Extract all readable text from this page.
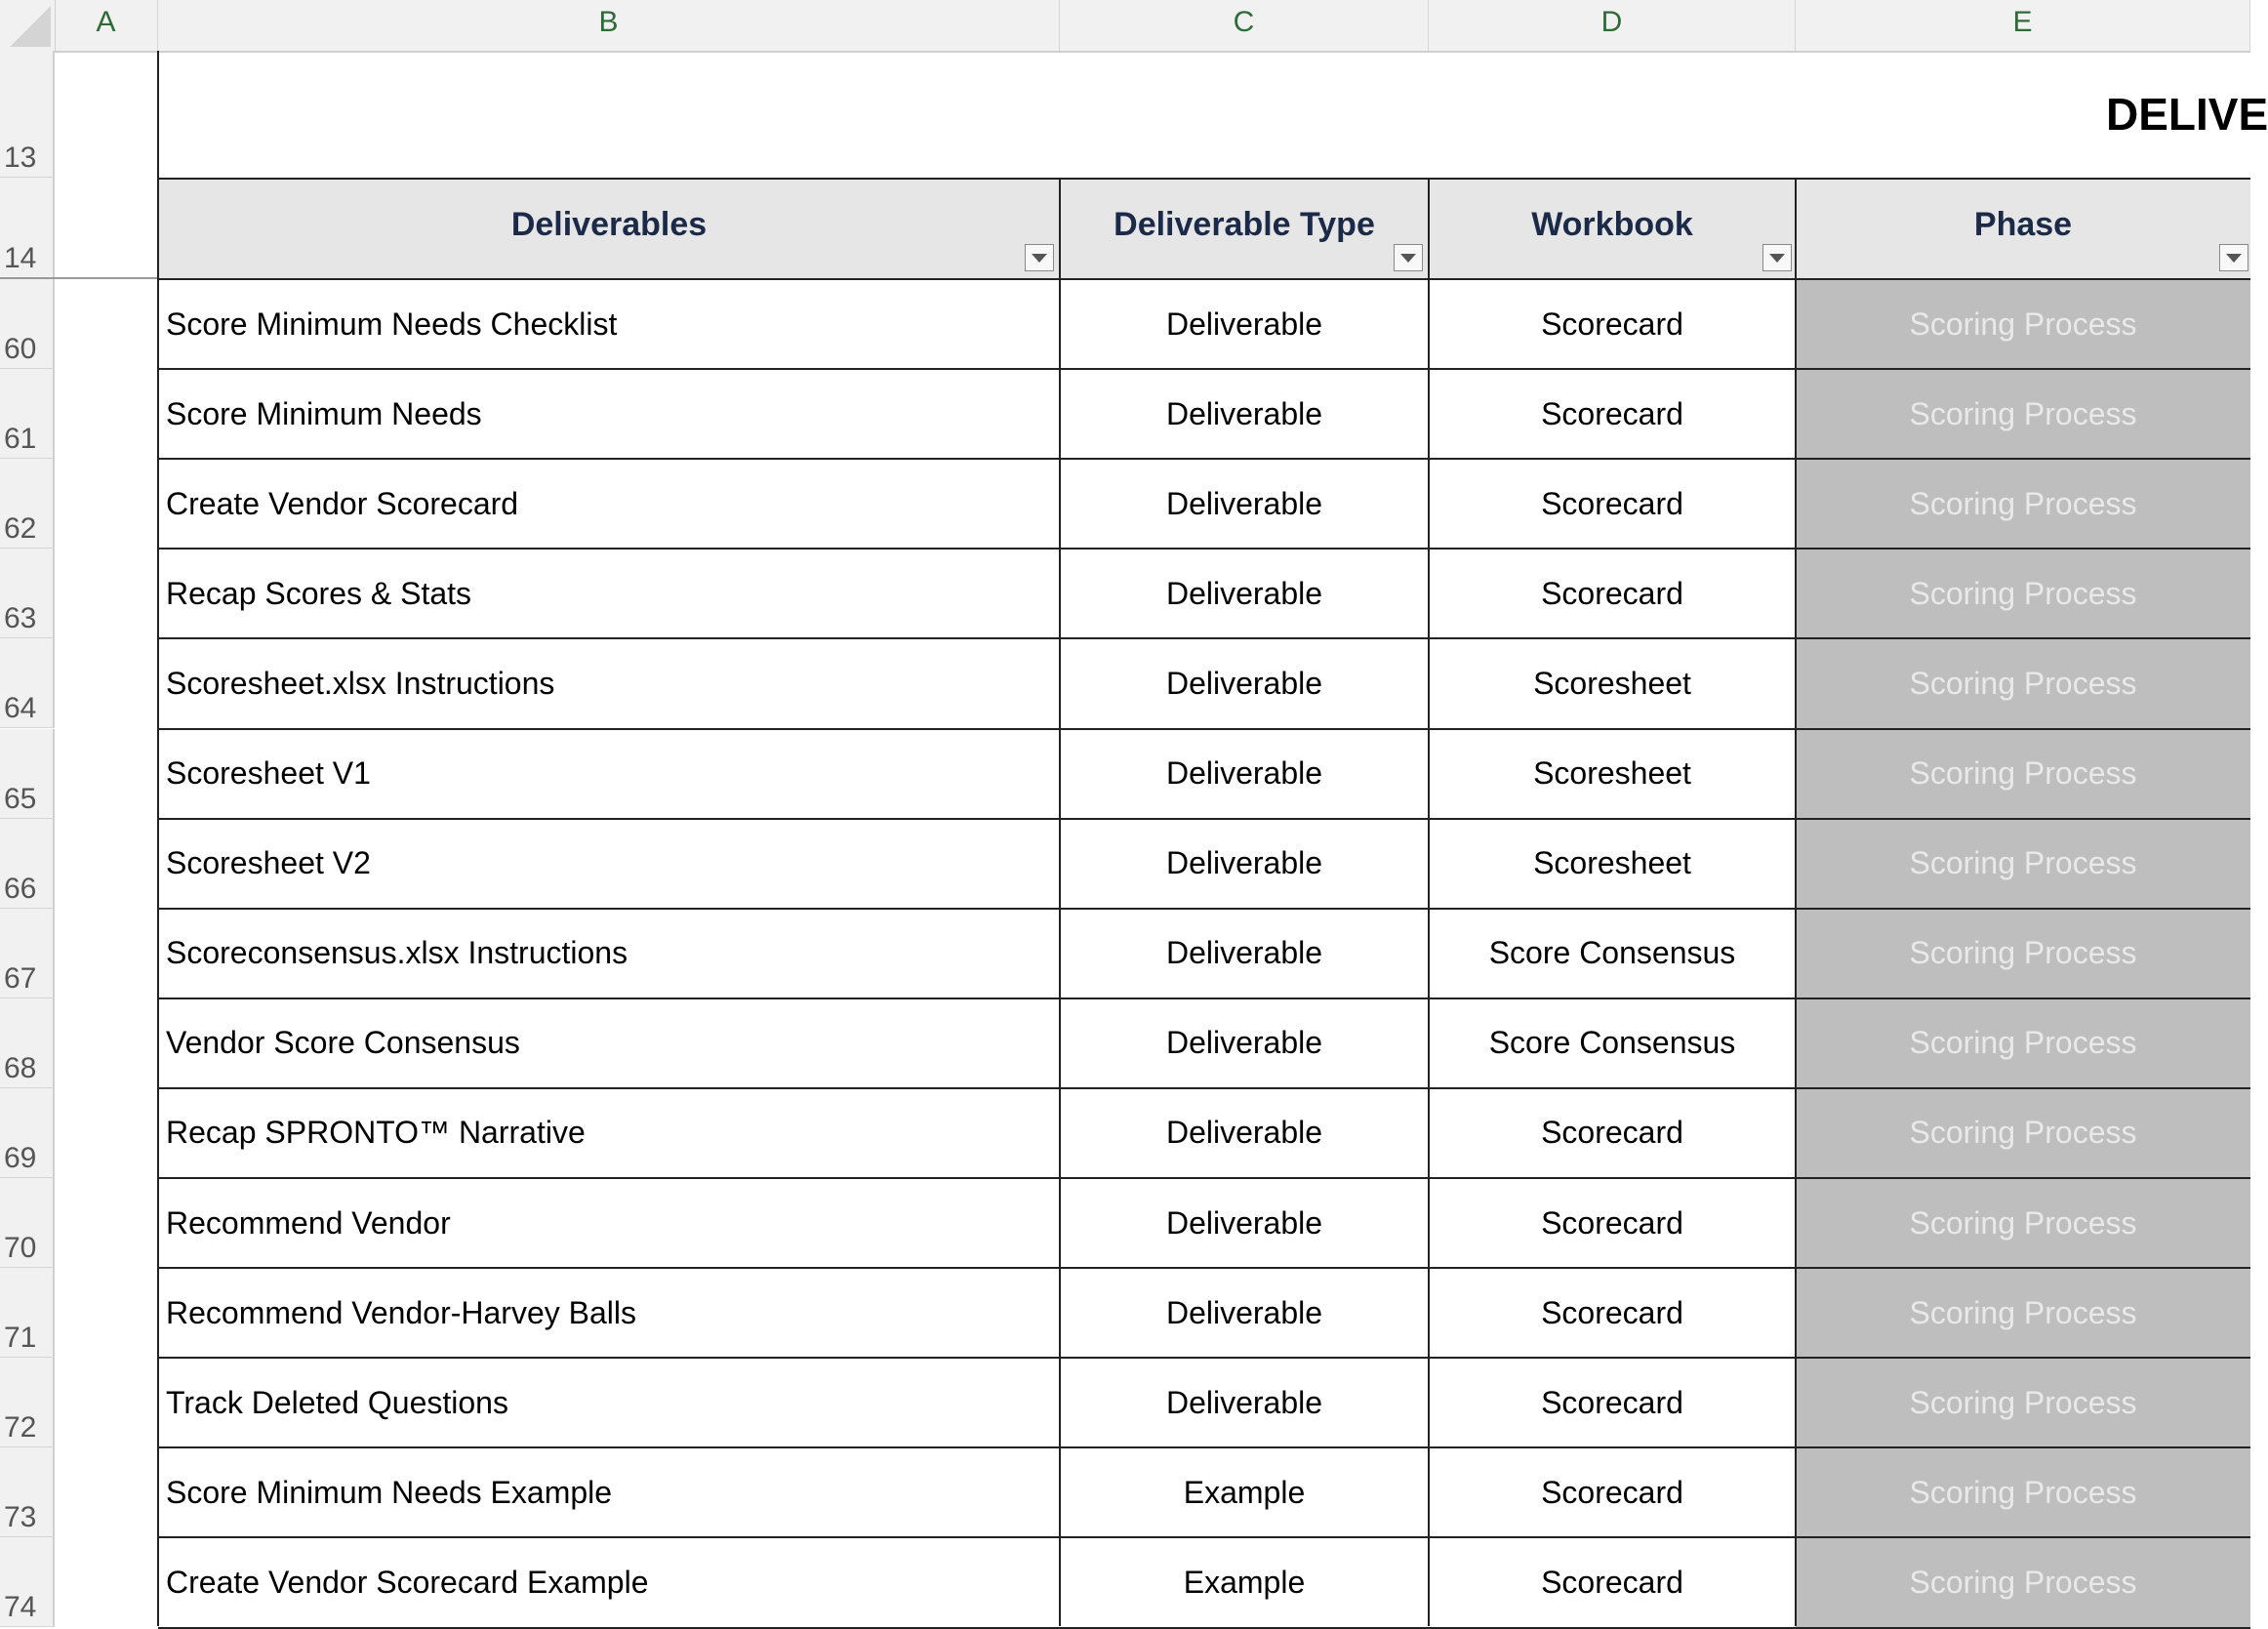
A	B	C	D	E
13
14
DELIVE
Deliverables	Deliverable Type	Workbook	Phase
60
Score Minimum Needs Checklist	Deliverable	Scorecard	Scoring Process
61
Score Minimum Needs	Deliverable	Scorecard	Scoring Process
62
Create Vendor Scorecard	Deliverable	Scorecard	Scoring Process
63
Recap Scores & Stats	Deliverable	Scorecard	Scoring Process
64
Scoresheet.xlsx Instructions	Deliverable	Scoresheet	Scoring Process
65
Scoresheet V1	Deliverable	Scoresheet	Scoring Process
66
Scoresheet V2	Deliverable	Scoresheet	Scoring Process
67
Scoreconsensus.xlsx Instructions	Deliverable	Score Consensus	Scoring Process
68
Vendor Score Consensus	Deliverable	Score Consensus	Scoring Process
69
Recap SPRONTO™ Narrative	Deliverable	Scorecard	Scoring Process
70
Recommend Vendor	Deliverable	Scorecard	Scoring Process
71
Recommend Vendor-Harvey Balls	Deliverable	Scorecard	Scoring Process
72
Track Deleted Questions	Deliverable	Scorecard	Scoring Process
73
Score Minimum Needs Example	Example	Scorecard	Scoring Process
74
Create Vendor Scorecard Example	Example	Scorecard	Scoring Process
